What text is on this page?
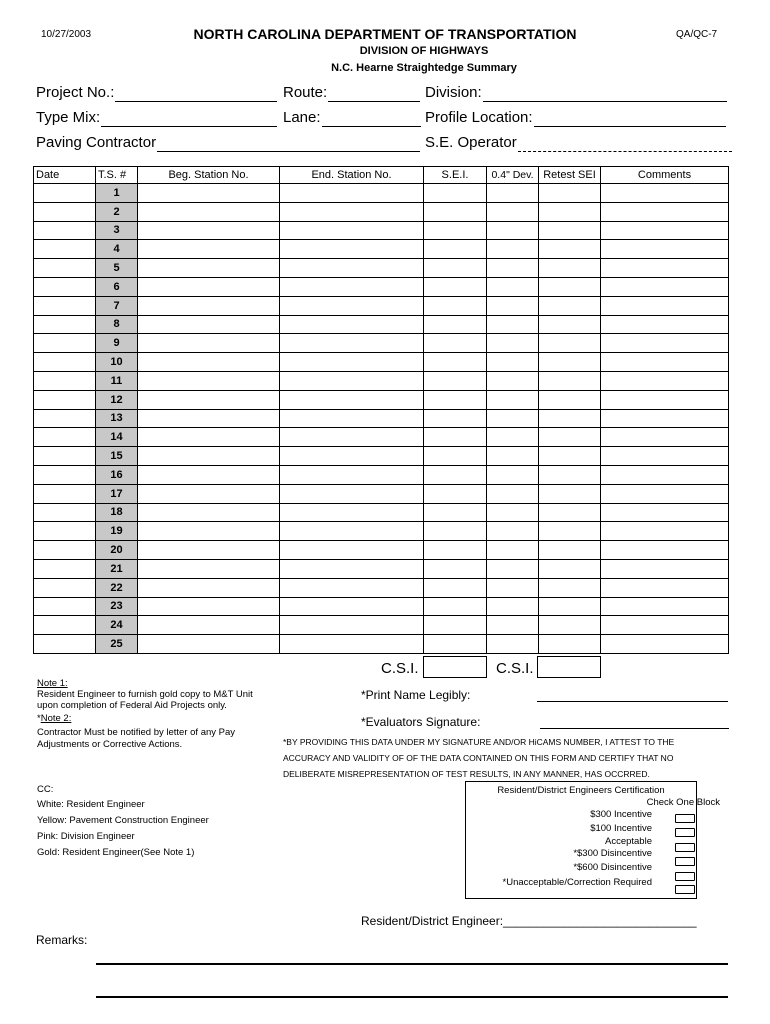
10/27/2003	NORTH CAROLINA DEPARTMENT OF TRANSPORTATION	QA/QC-7
DIVISION OF HIGHWAYS
N.C. Hearne Straightedge Summary
Project No.:	Route:	Division:
Type Mix:	Lane:	Profile Location:
Paving Contractor	S.E. Operator
Date	T.S. #	Beg. Station No.	End. Station No.	S.E.I.	0.4" Dev.	Retest SEI	Comments
	1						
	2						
	3						
	4						
	5						
	6						
	7						
	8						
	9						
	10						
	11						
	12						
	13						
	14						
	15						
	16						
	17						
	18						
	19						
	20						
	21						
	22						
	23						
	24						
	25						
C.S.I.	C.S.I.
Note 1:
Resident Engineer to furnish gold copy to M&T Unit
upon completion of Federal Aid Projects only.
*Note 2:
Contractor Must be notified by letter of any Pay
Adjustments or Corrective Actions.
*Print Name Legibly:
*Evaluators Signature:
*BY PROVIDING THIS DATA UNDER MY SIGNATURE AND/OR HiCAMS NUMBER, I ATTEST TO THE
ACCURACY AND VALIDITY OF OF THE DATA CONTAINED ON THIS FORM AND CERTIFY THAT NO
DELIBERATE MISREPRESENTATION OF TEST RESULTS, IN ANY MANNER, HAS OCCRRED.
CC:
White: Resident Engineer
Yellow: Pavement Construction Engineer
Pink: Division Engineer
Gold: Resident Engineer(See Note 1)
Resident/District Engineers Certification
Check One Block
$300 Incentive
$100 Incentive
Acceptable
*$300 Disincentive
*$600 Disincentive
*Unacceptable/Correction Required
Resident/District Engineer:_____________________________
Remarks:
